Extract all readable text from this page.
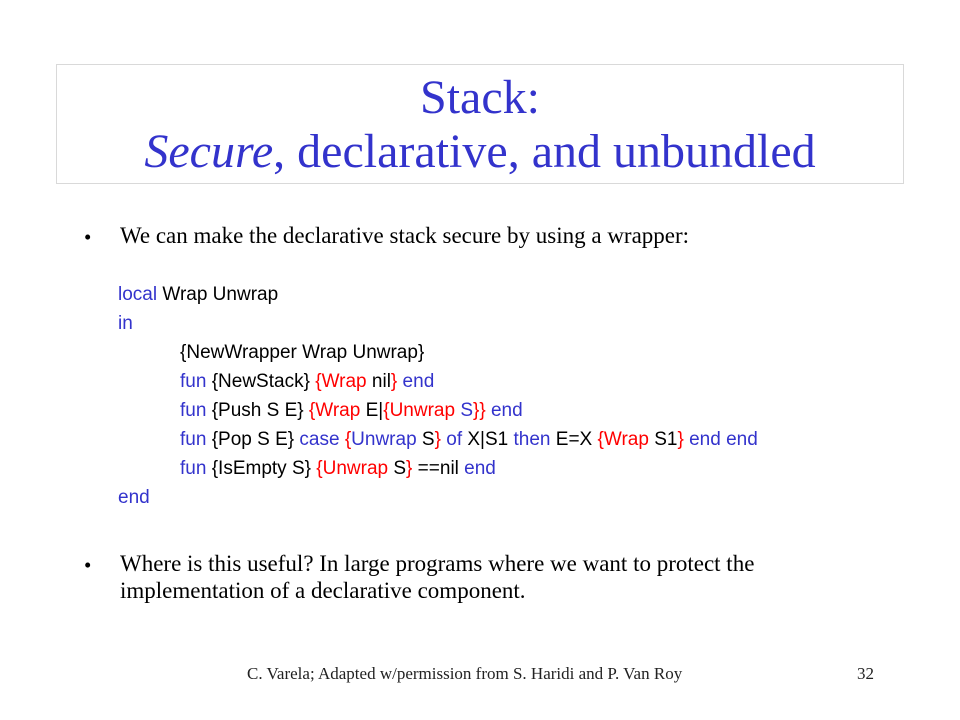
Stack:
Secure, declarative, and unbundled
• We can make the declarative stack secure by using a wrapper:
local Wrap Unwrap
in
{NewWrapper Wrap Unwrap}
fun {NewStack} {Wrap nil} end
fun {Push S E} {Wrap E|{Unwrap S}} end
fun {Pop S E} case {Unwrap S} of X|S1 then E=X {Wrap S1} end end
fun {IsEmpty S} {Unwrap S} ==nil end
end
• Where is this useful? In large programs where we want to protect the implementation of a declarative component.
C. Varela; Adapted w/permission from S. Haridi and P. Van Roy	32
